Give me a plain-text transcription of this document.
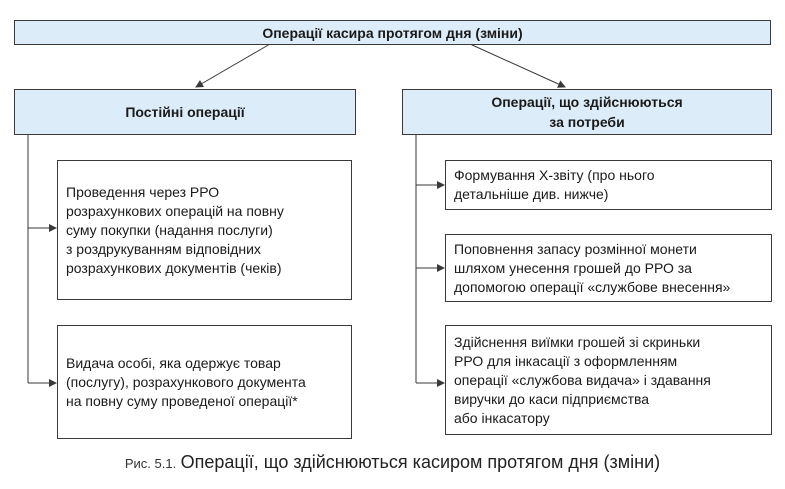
Операції касира протягом дня (зміни)
Постійні операції
Операції, що здійснюються
за потреби
Проведення через РРО
розрахункових операцій на повну
суму покупки (надання послуги)
з роздрукуванням відповідних
розрахункових документів (чеків)
Видача особі, яка одержує товар
(послугу), розрахункового документа
на повну суму проведеної операції*
Формування Х-звіту (про нього
детальніше див. нижче)
Поповнення запасу розмінної монети
шляхом унесення грошей до РРО за
допомогою операції «службове внесення»
Здійснення виїмки грошей зі скриньки
РРО для інкасації з оформленням
операції «службова видача» і здавання
виручки до каси підприємства
або інкасатору
Рис. 5.1. Операції, що здійснюються касиром протягом дня (зміни)
